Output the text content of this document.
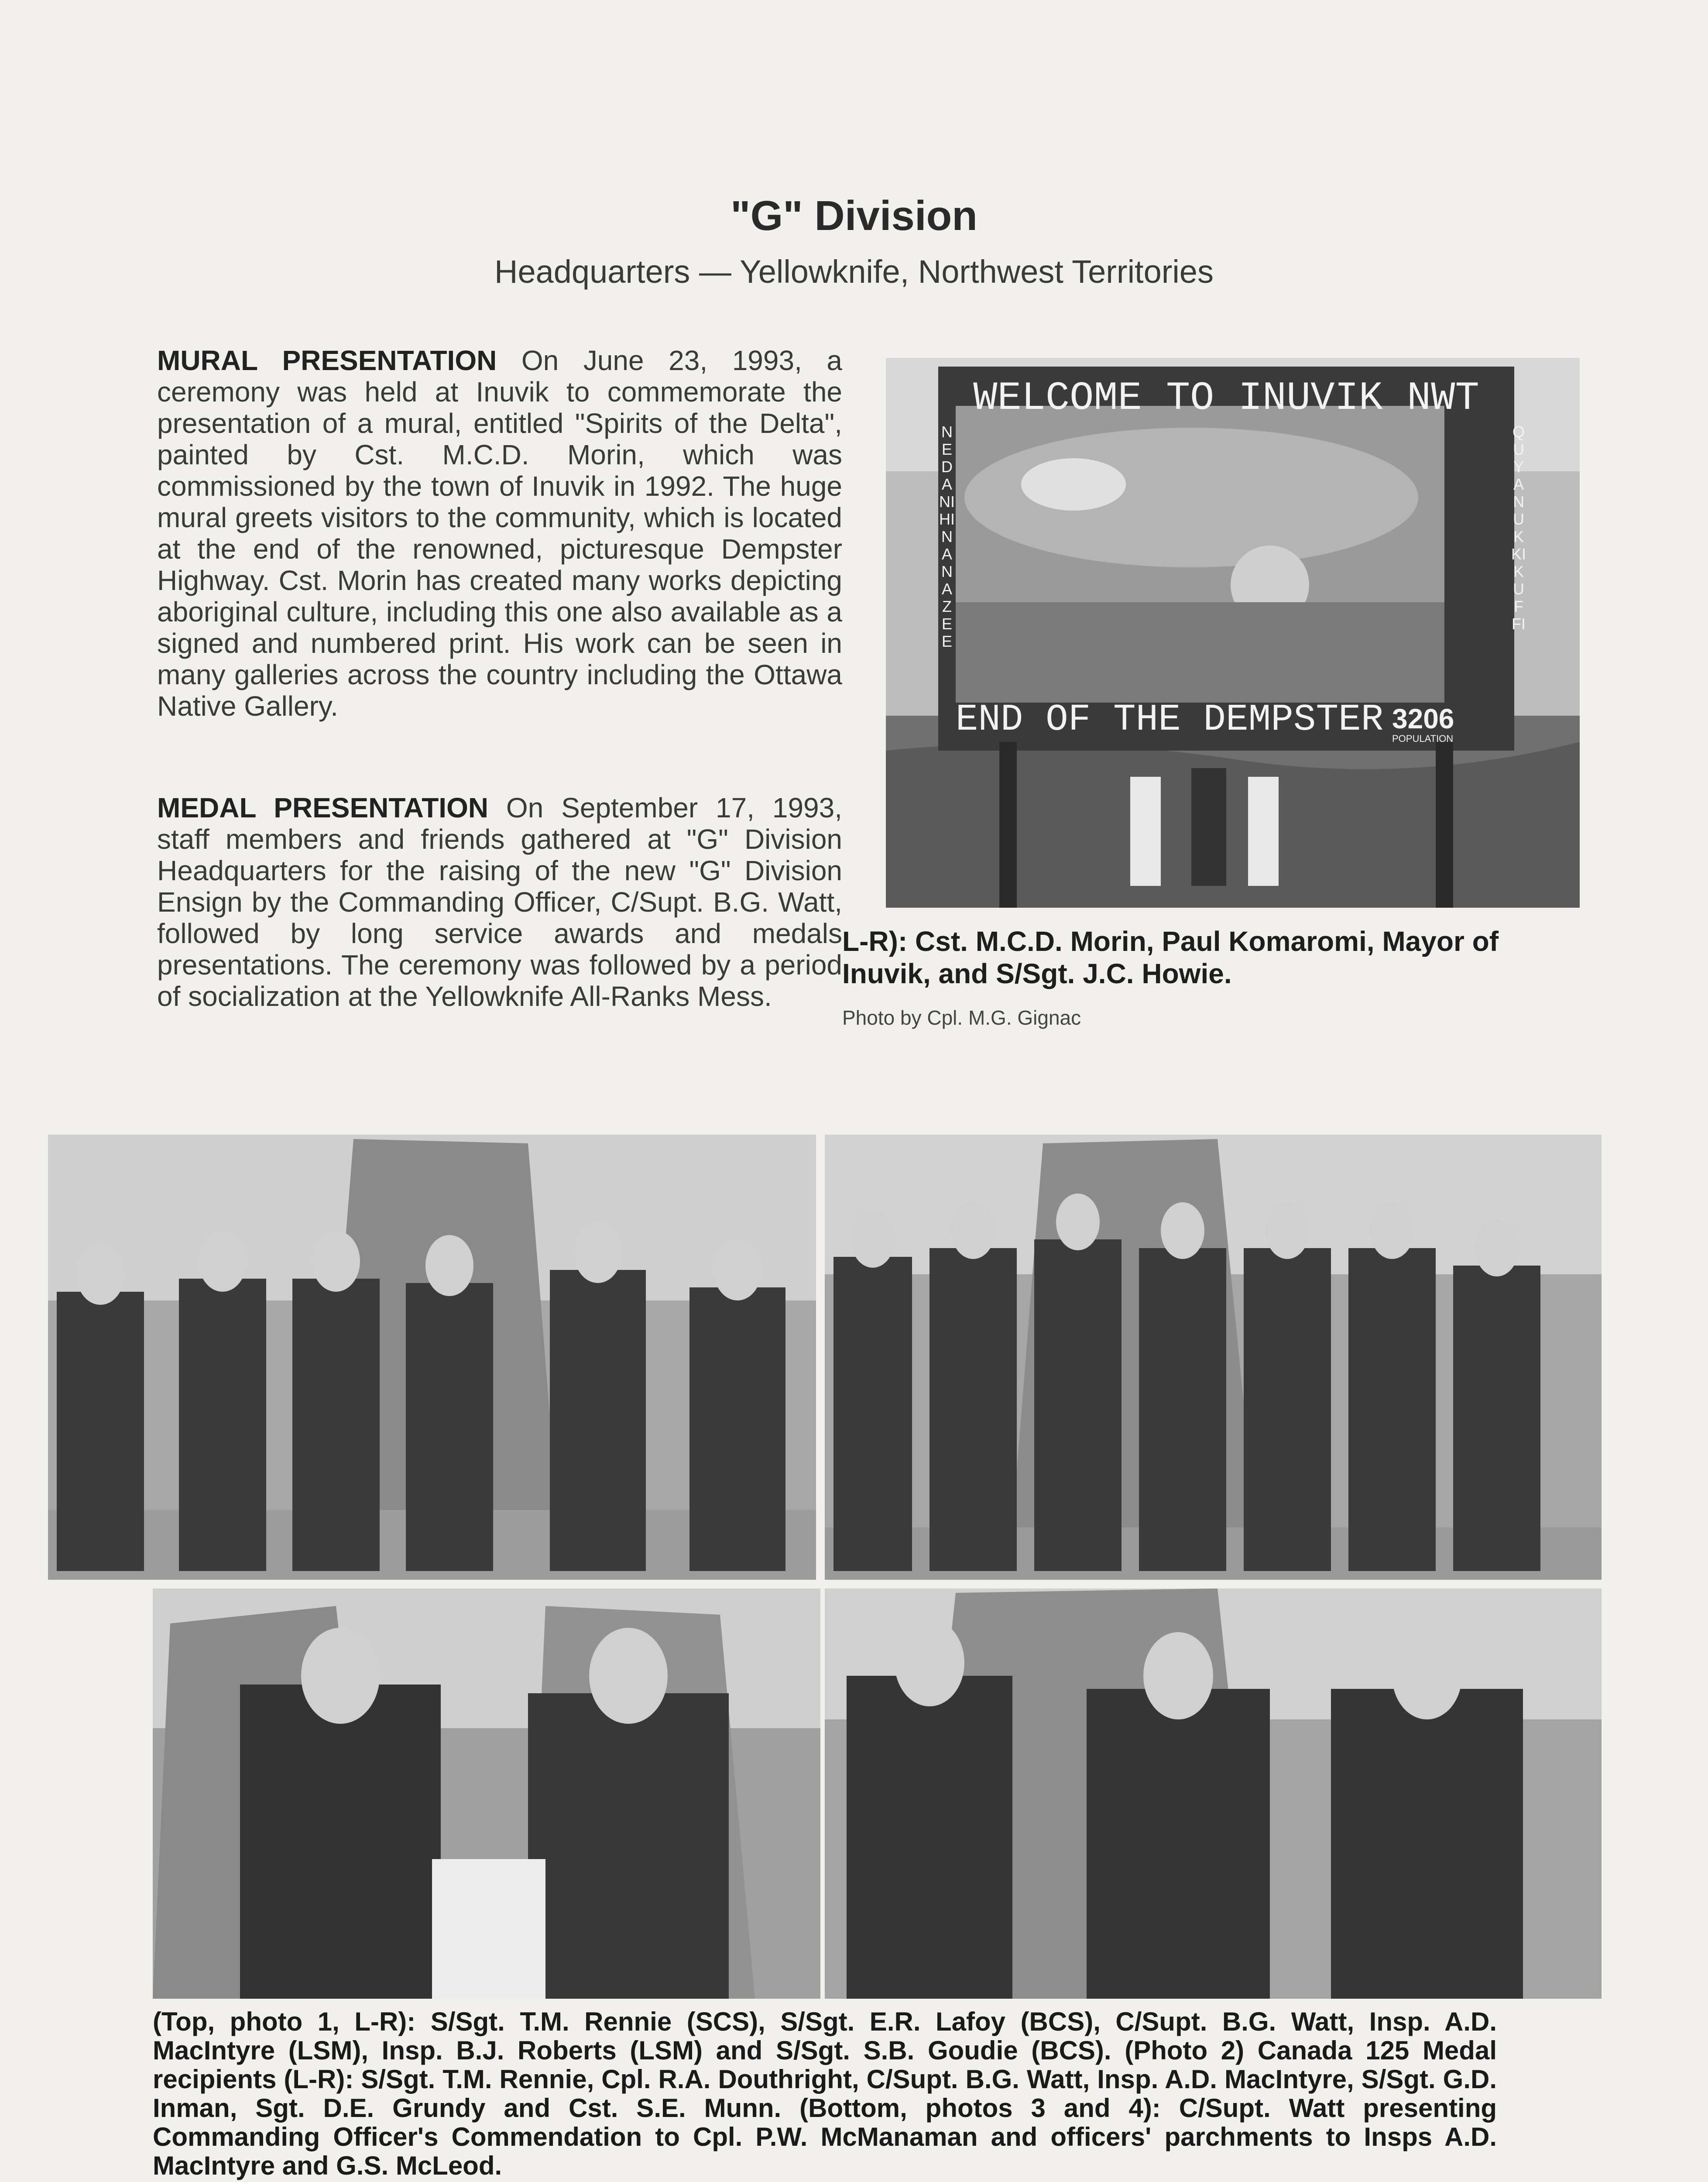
"G" Division
Headquarters — Yellowknife, Northwest Territories
MURAL PRESENTATION On June 23, 1993, a ceremony was held at Inuvik to commemorate the presentation of a mural, entitled "Spirits of the Delta", painted by Cst. M.C.D. Morin, which was commissioned by the town of Inuvik in 1992. The huge mural greets visitors to the community, which is located at the end of the renowned, picturesque Dempster Highway. Cst. Morin has created many works depicting aboriginal culture, including this one also available as a signed and numbered print. His work can be seen in many galleries across the country including the Ottawa Native Gallery.
MEDAL PRESENTATION On September 17, 1993, staff members and friends gathered at "G" Division Headquarters for the raising of the new "G" Division Ensign by the Commanding Officer, C/Supt. B.G. Watt, followed by long service awards and medals presentations. The ceremony was followed by a period of socialization at the Yellowknife All-Ranks Mess.
WELCOME TO INUVIK NWT
END OF THE DEMPSTER 3206
POPULATION
NEDANIHI NANAZEE
QUYANUK KIKUFFI
L-R): Cst. M.C.D. Morin, Paul Komaromi, Mayor of Inuvik, and S/Sgt. J.C. Howie.
Photo by Cpl. M.G. Gignac
(Top, photo 1, L-R): S/Sgt. T.M. Rennie (SCS), S/Sgt. E.R. Lafoy (BCS), C/Supt. B.G. Watt, Insp. A.D. MacIntyre (LSM), Insp. B.J. Roberts (LSM) and S/Sgt. S.B. Goudie (BCS). (Photo 2) Canada 125 Medal recipients (L-R): S/Sgt. T.M. Rennie, Cpl. R.A. Douthright, C/Supt. B.G. Watt, Insp. A.D. MacIntyre, S/Sgt. G.D. Inman, Sgt. D.E. Grundy and Cst. S.E. Munn. (Bottom, photos 3 and 4): C/Supt. Watt presenting Commanding Officer's Commendation to Cpl. P.W. McManaman and officers' parchments to Insps A.D. MacIntyre and G.S. McLeod.
